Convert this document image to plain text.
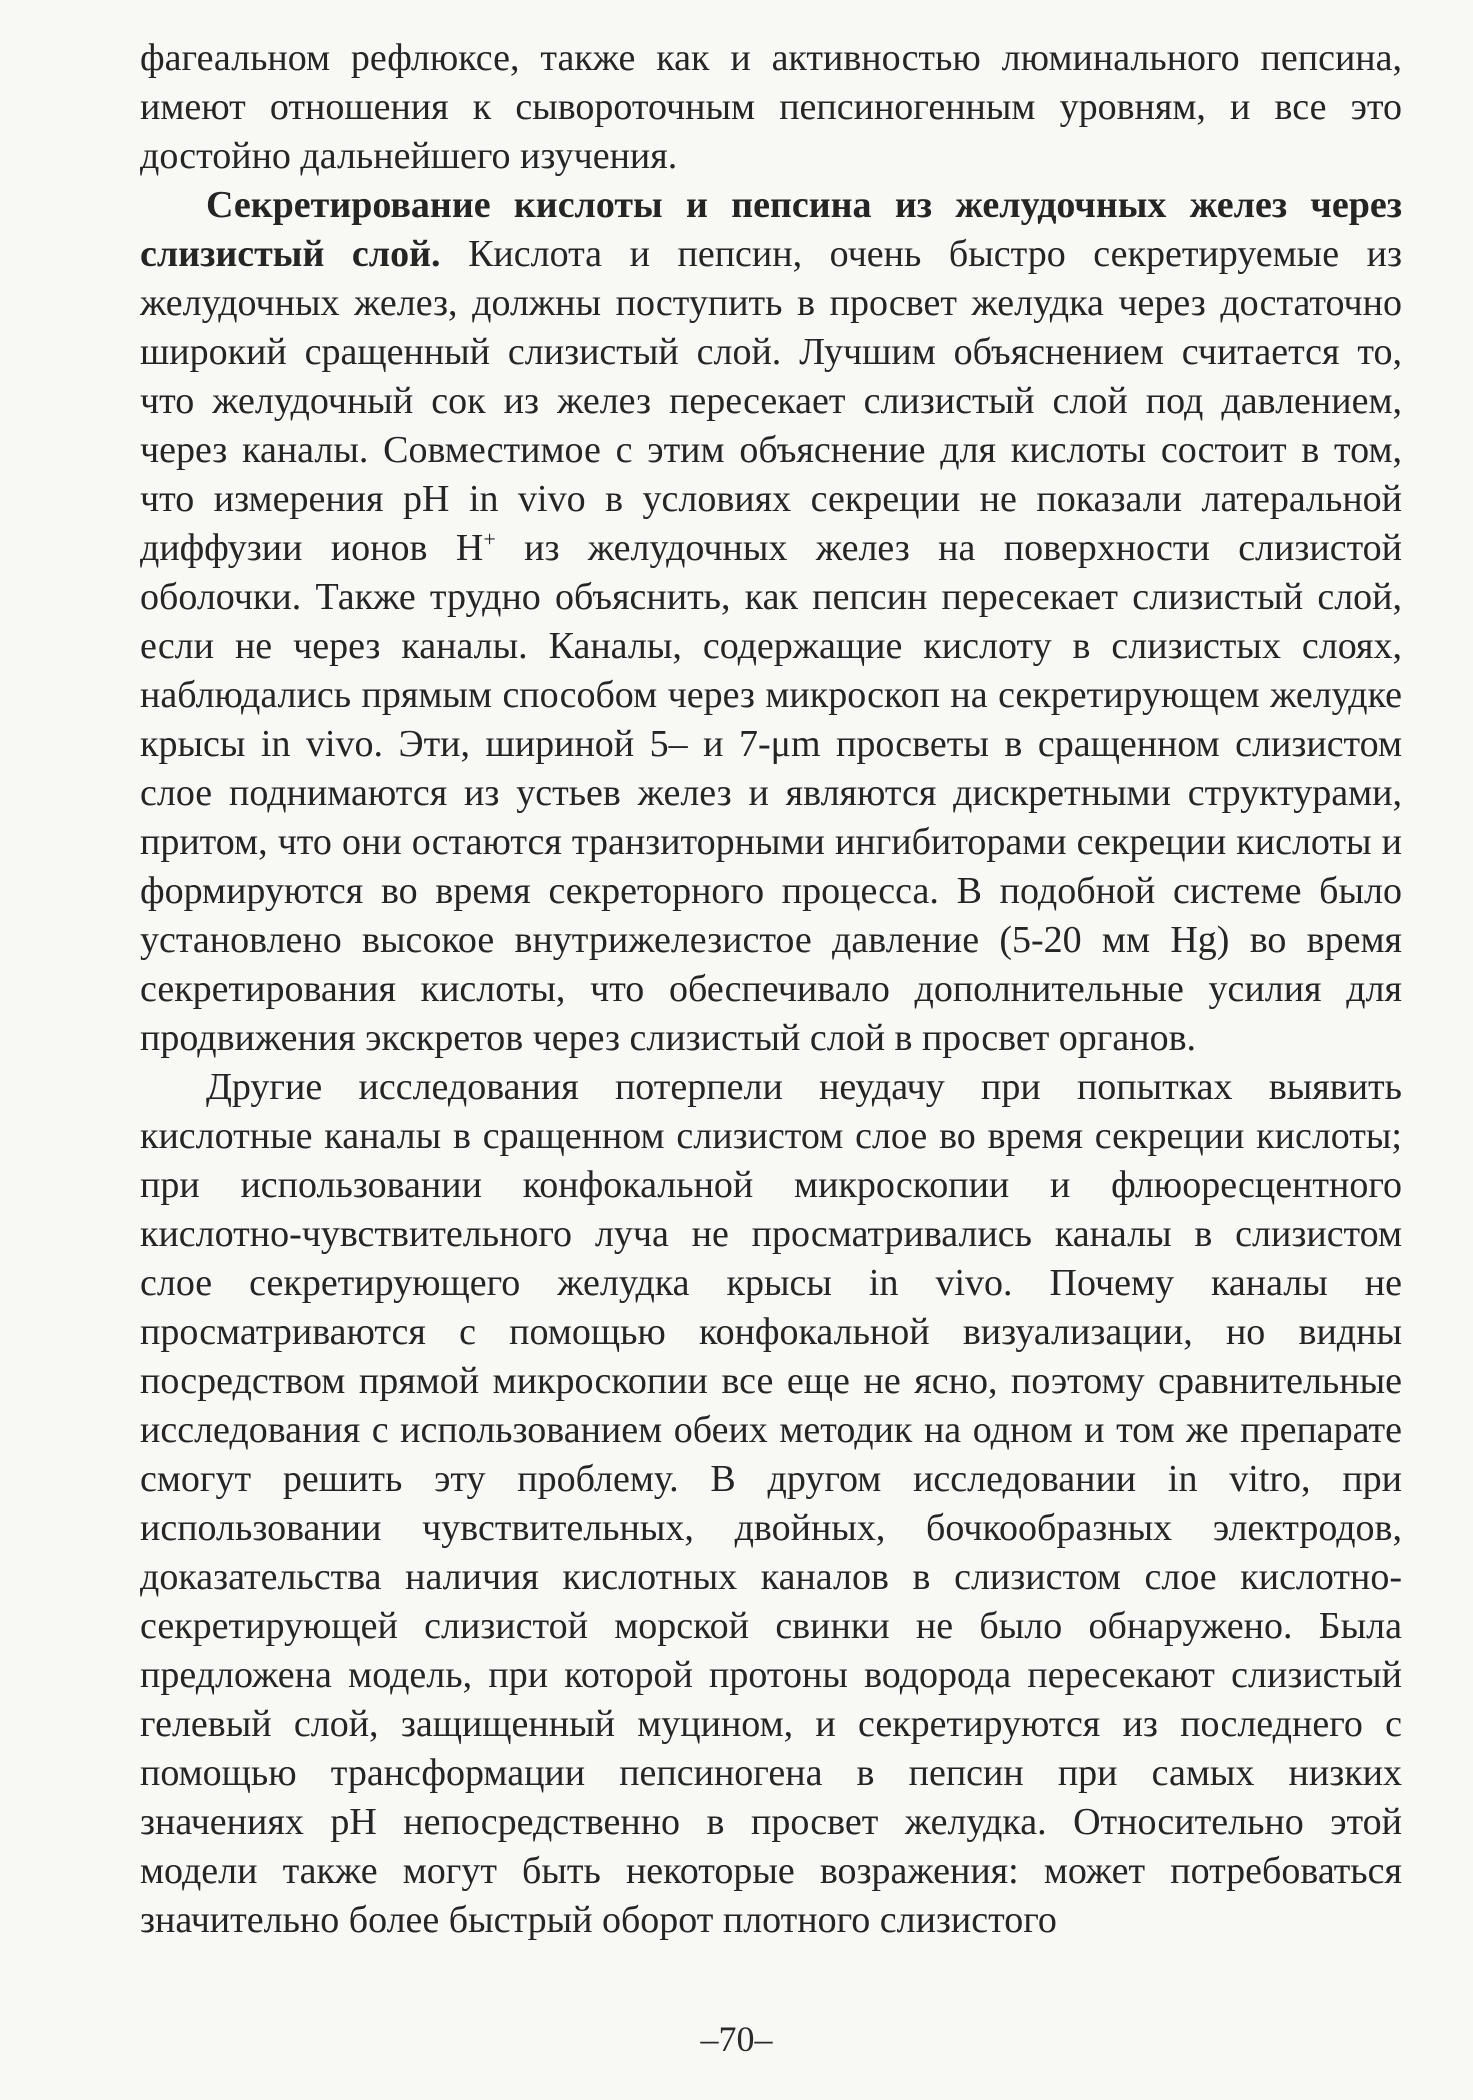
фагеальном рефлюксе, также как и активностью люминального пепсина, имеют отношения к сывороточным пепсиногенным уровням, и все это достойно дальнейшего изучения.

Секретирование кислоты и пепсина из желудочных желез через слизистый слой. Кислота и пепсин, очень быстро секретируемые из желудочных желез, должны поступить в просвет желудка через достаточно широкий сращенный слизистый слой. Лучшим объяснением считается то, что желудочный сок из желез пересекает слизистый слой под давлением, через каналы. Совместимое с этим объяснение для кислоты состоит в том, что измерения pH in vivo в условиях секреции не показали латеральной диффузии ионов H+ из желудочных желез на поверхности слизистой оболочки. Также трудно объяснить, как пепсин пересекает слизистый слой, если не через каналы. Каналы, содержащие кислоту в слизистых слоях, наблюдались прямым способом через микроскоп на секретирующем желудке крысы in vivo. Эти, шириной 5– и 7-μm просветы в сращенном слизистом слое поднимаются из устьев желез и являются дискретными структурами, притом, что они остаются транзиторными ингибиторами секреции кислоты и формируются во время секреторного процесса. В подобной системе было установлено высокое внутрижелезистое давление (5-20 мм Hg) во время секретирования кислоты, что обеспечивало дополнительные усилия для продвижения экскретов через слизистый слой в просвет органов.

Другие исследования потерпели неудачу при попытках выявить кислотные каналы в сращенном слизистом слое во время секреции кислоты; при использовании конфокальной микроскопии и флюоресцентного кислотно-чувствительного луча не просматривались каналы в слизистом слое секретирующего желудка крысы in vivo. Почему каналы не просматриваются с помощью конфокальной визуализации, но видны посредством прямой микроскопии все еще не ясно, поэтому сравнительные исследования с использованием обеих методик на одном и том же препарате смогут решить эту проблему. В другом исследовании in vitro, при использовании чувствительных, двойных, бочкообразных электродов, доказательства наличия кислотных каналов в слизистом слое кислотно-секретирующей слизистой морской свинки не было обнаружено. Была предложена модель, при которой протоны водорода пересекают слизистый гелевый слой, защищенный муцином, и секретируются из последнего с помощью трансформации пепсиногена в пепсин при самых низких значениях pH непосредственно в просвет желудка. Относительно этой модели также могут быть некоторые возражения: может потребоваться значительно более быстрый оборот плотного слизистого

–70–
